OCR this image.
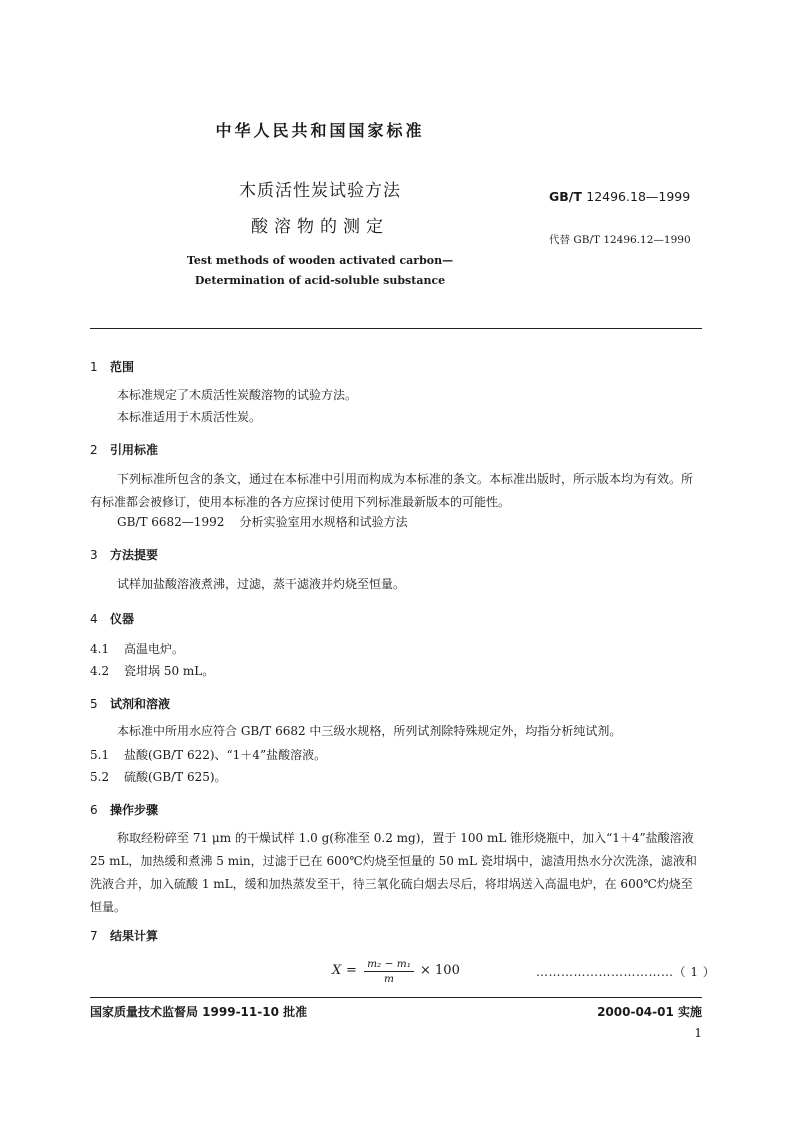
中华人民共和国国家标准
木质活性炭试验方法
酸溶物的测定
GB/T 12496.18—1999
代替 GB/T 12496.12—1990
Test methods of wooden activated carbon—
Determination of acid-soluble substance
1 范围
本标准规定了木质活性炭酸溶物的试验方法。
本标准适用于木质活性炭。
2 引用标准
下列标准所包含的条文，通过在本标准中引用而构成为本标准的条文。本标准出版时，所示版本均为有效。所有标准都会被修订，使用本标准的各方应探讨使用下列标准最新版本的可能性。
GB/T 6682—1992    分析实验室用水规格和试验方法
3 方法提要
试样加盐酸溶液煮沸，过滤，蒸干滤液并灼烧至恒量。
4 仪器
4.1 高温电炉。
4.2 瓷坩埚 50 mL。
5 试剂和溶液
本标准中所用水应符合 GB/T 6682 中三级水规格，所列试剂除特殊规定外，均指分析纯试剂。
5.1 盐酸(GB/T 622)、“1＋4”盐酸溶液。
5.2 硫酸(GB/T 625)。
6 操作步骤
称取经粉碎至 71 μm 的干燥试样 1.0 g(称准至 0.2 mg)，置于 100 mL 锥形烧瓶中，加入“1＋4”盐酸溶液 25 mL，加热缓和煮沸 5 min，过滤于已在 600℃灼烧至恒量的 50 mL 瓷坩埚中，滤渣用热水分次洗涤，滤液和洗液合并，加入硫酸 1 mL，缓和加热蒸发至干，待三氧化硫白烟去尽后，将坩埚送入高温电炉，在 600℃灼烧至恒量。
7 结果计算
$X = \frac{\text{m₂ − m₁}}{m} \times 100$	……………………………（ 1 ）
国家质量技术监督局 1999-11-10 批准	2000-04-01 实施
1
